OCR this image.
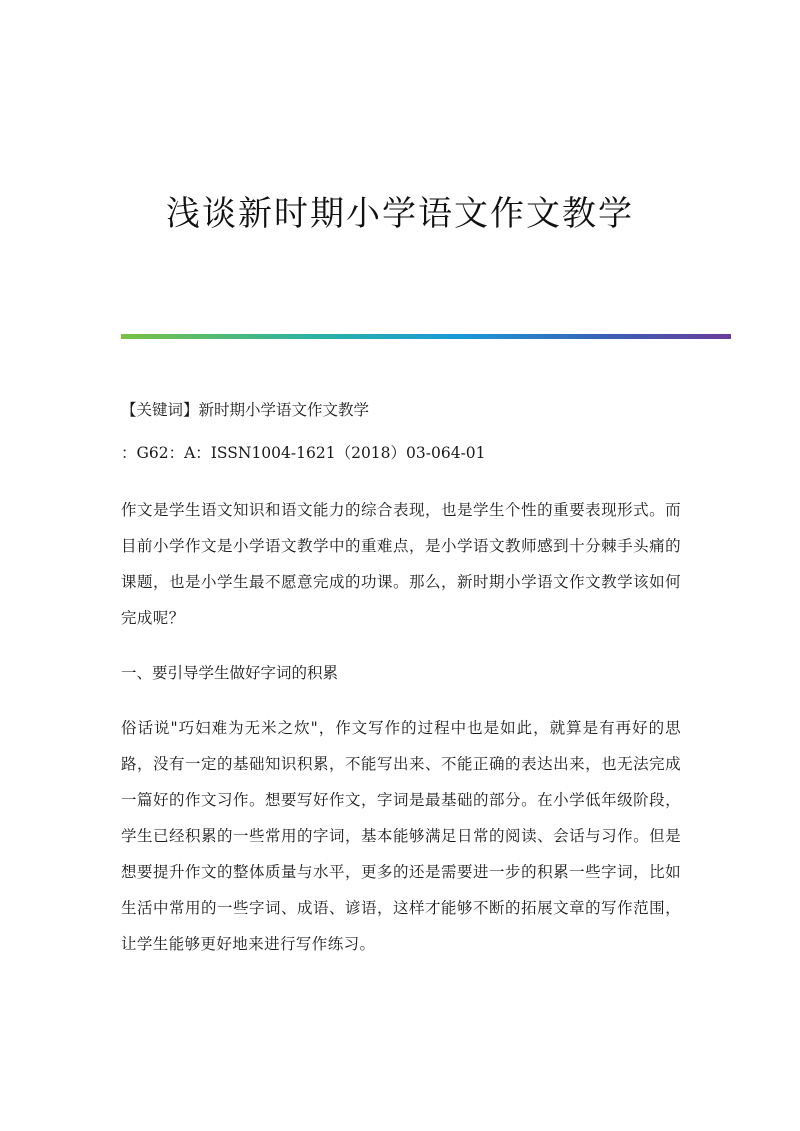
浅谈新时期小学语文作文教学

【关键词】新时期小学语文作文教学

：G62：A：ISSN1004-1621（2018）03-064-01

作文是学生语文知识和语文能力的综合表现，也是学生个性的重要表现形式。而目前小学作文是小学语文教学中的重难点，是小学语文教师感到十分棘手头痛的课题，也是小学生最不愿意完成的功课。那么，新时期小学语文作文教学该如何完成呢？

一、要引导学生做好字词的积累

俗话说"巧妇难为无米之炊"，作文写作的过程中也是如此，就算是有再好的思路，没有一定的基础知识积累，不能写出来、不能正确的表达出来，也无法完成一篇好的作文习作。想要写好作文，字词是最基础的部分。在小学低年级阶段，学生已经积累的一些常用的字词，基本能够满足日常的阅读、会话与习作。但是想要提升作文的整体质量与水平，更多的还是需要进一步的积累一些字词，比如生活中常用的一些字词、成语、谚语，这样才能够不断的拓展文章的写作范围，让学生能够更好地来进行写作练习。
